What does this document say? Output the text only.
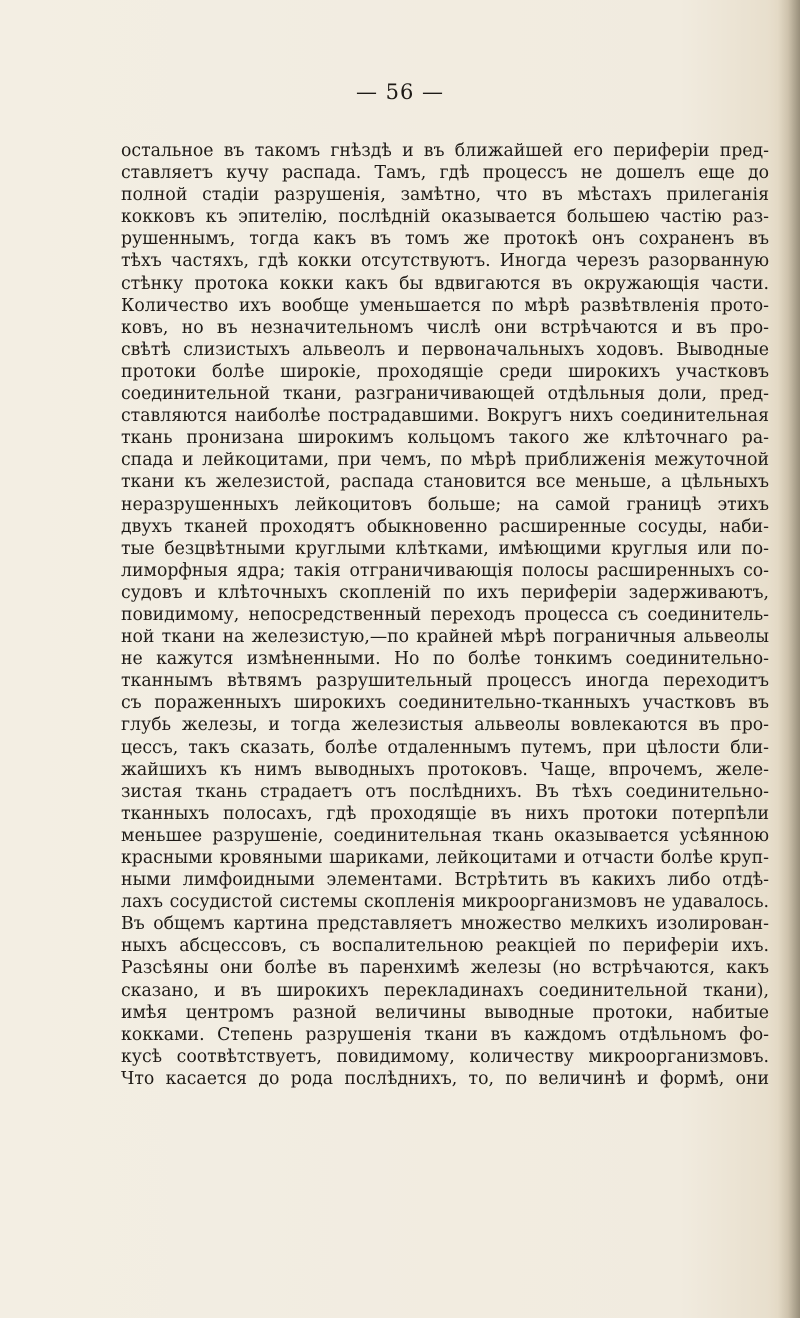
— 56 —
остальное въ такомъ гнѣздѣ и въ ближайшей его периферіи пред-
ставляетъ кучу распада. Тамъ, гдѣ процессъ не дошелъ еще до
полной стадіи разрушенія, замѣтно, что въ мѣстахъ прилеганія
кокковъ къ эпителію, послѣдній оказывается большею частію раз-
рушеннымъ, тогда какъ въ томъ же протокѣ онъ сохраненъ въ
тѣхъ частяхъ, гдѣ кокки отсутствуютъ. Иногда черезъ разорванную
стѣнку протока кокки какъ бы вдвигаются въ окружающія части.
Количество ихъ вообще уменьшается по мѣрѣ развѣтвленія прото-
ковъ, но въ незначительномъ числѣ они встрѣчаются и въ про-
свѣтѣ слизистыхъ альвеолъ и первоначальныхъ ходовъ. Выводные
протоки болѣе широкіе, проходящіе среди широкихъ участковъ
соединительной ткани, разграничивающей отдѣльныя доли, пред-
ставляются наиболѣе пострадавшими. Вокругъ нихъ соединительная
ткань пронизана широкимъ кольцомъ такого же клѣточнаго ра-
спада и лейкоцитами, при чемъ, по мѣрѣ приближенія межуточной
ткани къ железистой, распада становится все меньше, а цѣльныхъ
неразрушенныхъ лейкоцитовъ больше; на самой границѣ этихъ
двухъ тканей проходятъ обыкновенно расширенные сосуды, наби-
тые безцвѣтными круглыми клѣтками, имѣющими круглыя или по-
лиморфныя ядра; такія отграничивающія полосы расширенныхъ со-
судовъ и клѣточныхъ скопленій по ихъ периферіи задерживаютъ,
повидимому, непосредственный переходъ процесса съ соединитель-
ной ткани на железистую,—по крайней мѣрѣ пограничныя альвеолы
не кажутся измѣненными. Но по болѣе тонкимъ соединительно-
тканнымъ вѣтвямъ разрушительный процессъ иногда переходитъ
съ пораженныхъ широкихъ соединительно-тканныхъ участковъ въ
глубь железы, и тогда железистыя альвеолы вовлекаются въ про-
цессъ, такъ сказать, болѣе отдаленнымъ путемъ, при цѣлости бли-
жайшихъ къ нимъ выводныхъ протоковъ. Чаще, впрочемъ, желе-
зистая ткань страдаетъ отъ послѣднихъ. Въ тѣхъ соединительно-
тканныхъ полосахъ, гдѣ проходящіе въ нихъ протоки потерпѣли
меньшее разрушеніе, соединительная ткань оказывается усѣянною
красными кровяными шариками, лейкоцитами и отчасти болѣе круп-
ными лимфоидными элементами. Встрѣтить въ какихъ либо отдѣ-
лахъ сосудистой системы скопленія микроорганизмовъ не удавалось.
Въ общемъ картина представляетъ множество мелкихъ изолирован-
ныхъ абсцессовъ, съ воспалительною реакціей по периферіи ихъ.
Разсѣяны они болѣе въ паренхимѣ железы (но встрѣчаются, какъ
сказано, и въ широкихъ перекладинахъ соединительной ткани),
имѣя центромъ разной величины выводные протоки, набитые
кокками. Степень разрушенія ткани въ каждомъ отдѣльномъ фо-
кусѣ соотвѣтствуетъ, повидимому, количеству микроорганизмовъ.
Что касается до рода послѣднихъ, то, по величинѣ и формѣ, они
